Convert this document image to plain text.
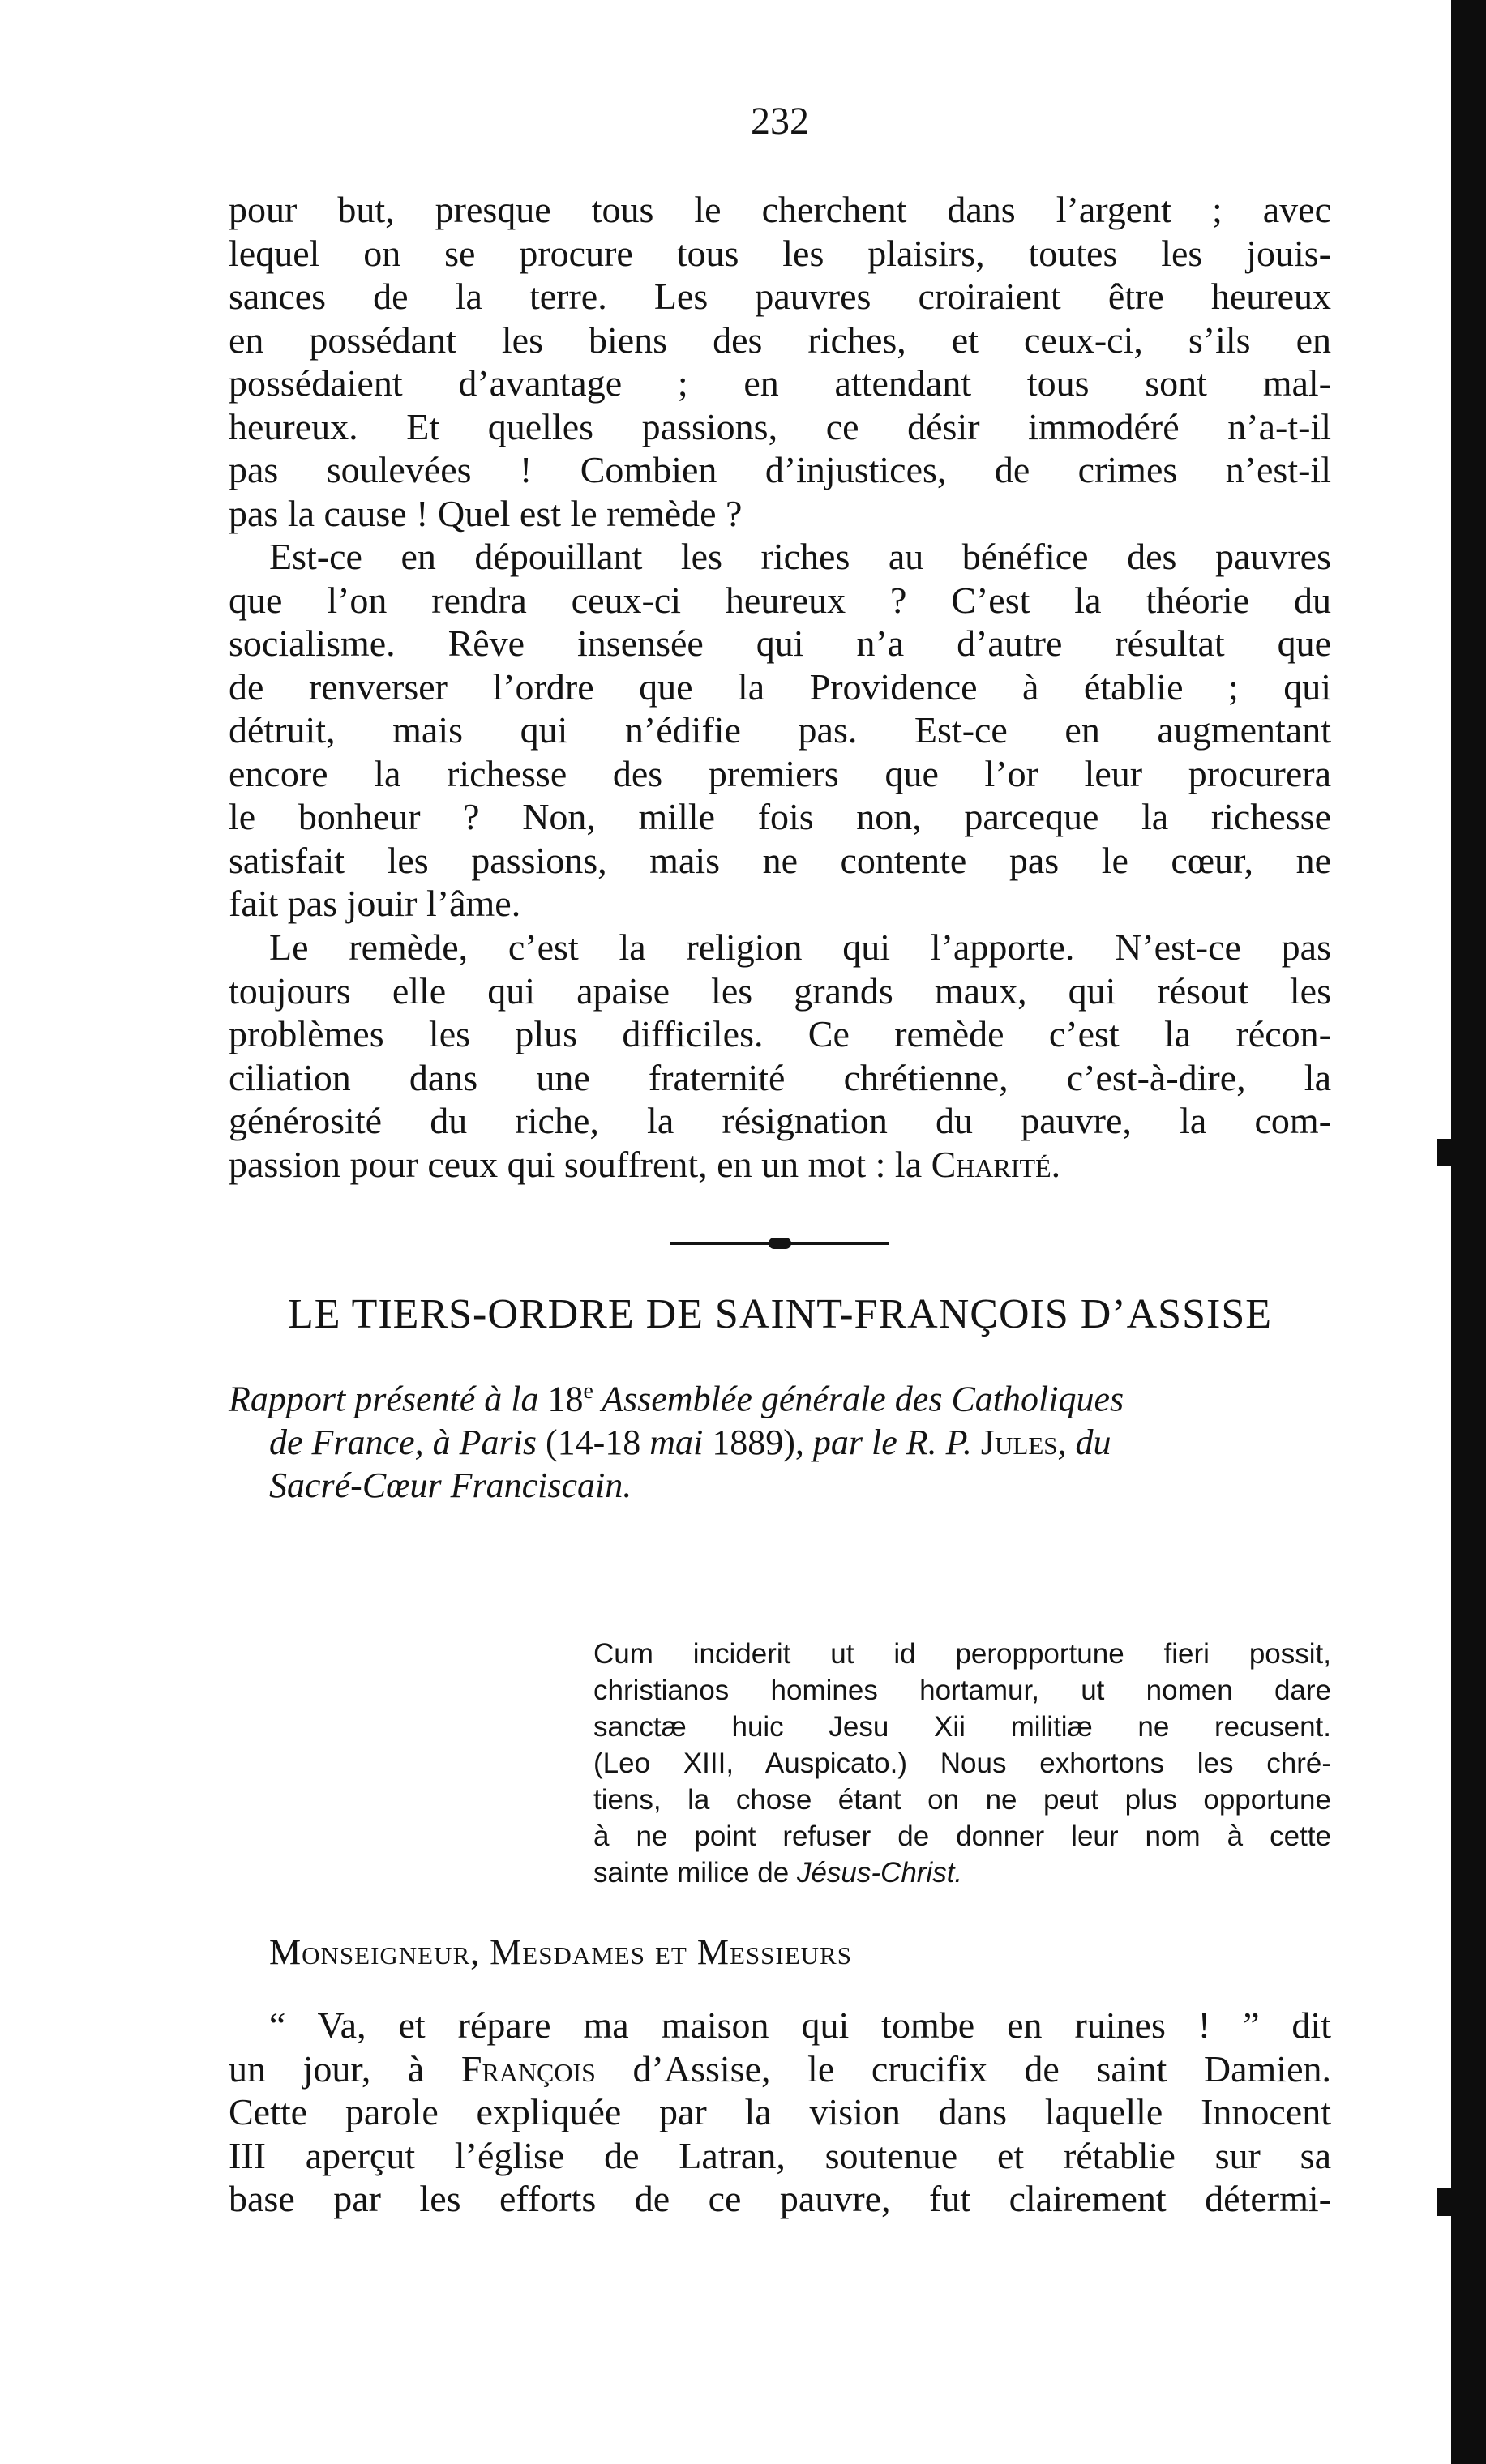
232
pour but, presque tous le cherchent dans l’argent ; avec
lequel on se procure tous les plaisirs, toutes les jouis-
sances de la terre. Les pauvres croiraient être heureux
en possédant les biens des riches, et ceux-ci, s’ils en
possédaient d’avantage ; en attendant tous sont mal-
heureux. Et quelles passions, ce désir immodéré n’a-t-il
pas soulevées ! Combien d’injustices, de crimes n’est-il
pas la cause ! Quel est le remède ?
Est-ce en dépouillant les riches au bénéfice des pauvres
que l’on rendra ceux-ci heureux ? C’est la théorie du
socialisme. Rêve insensée qui n’a d’autre résultat que
de renverser l’ordre que la Providence à établie ; qui
détruit, mais qui n’édifie pas. Est-ce en augmentant
encore la richesse des premiers que l’or leur procurera
le bonheur ? Non, mille fois non, parceque la richesse
satisfait les passions, mais ne contente pas le cœur, ne
fait pas jouir l’âme.
Le remède, c’est la religion qui l’apporte. N’est-ce pas
toujours elle qui apaise les grands maux, qui résout les
problèmes les plus difficiles. Ce remède c’est la récon-
ciliation dans une fraternité chrétienne, c’est-à-dire, la
générosité du riche, la résignation du pauvre, la com-
passion pour ceux qui souffrent, en un mot : la Charité.
LE TIERS-ORDRE DE SAINT-FRANÇOIS D’ASSISE
Rapport présenté à la 18e Assemblée générale des Catholiques
de France, à Paris (14-18 mai 1889), par le R. P. Jules, du
Sacré-Cœur Franciscain.
Cum inciderit ut id peropportune fieri possit,
christianos homines hortamur, ut nomen dare
sanctæ huic Jesu Xii militiæ ne recusent.
(Leo XIII, Auspicato.) Nous exhortons les chré-
tiens, la chose étant on ne peut plus opportune
à ne point refuser de donner leur nom à cette
sainte milice de Jésus-Christ.
Monseigneur, Mesdames et Messieurs
“ Va, et répare ma maison qui tombe en ruines ! ” dit
un jour, à François d’Assise, le crucifix de saint Damien.
Cette parole expliquée par la vision dans laquelle Innocent
III aperçut l’église de Latran, soutenue et rétablie sur sa
base par les efforts de ce pauvre, fut clairement détermi-
